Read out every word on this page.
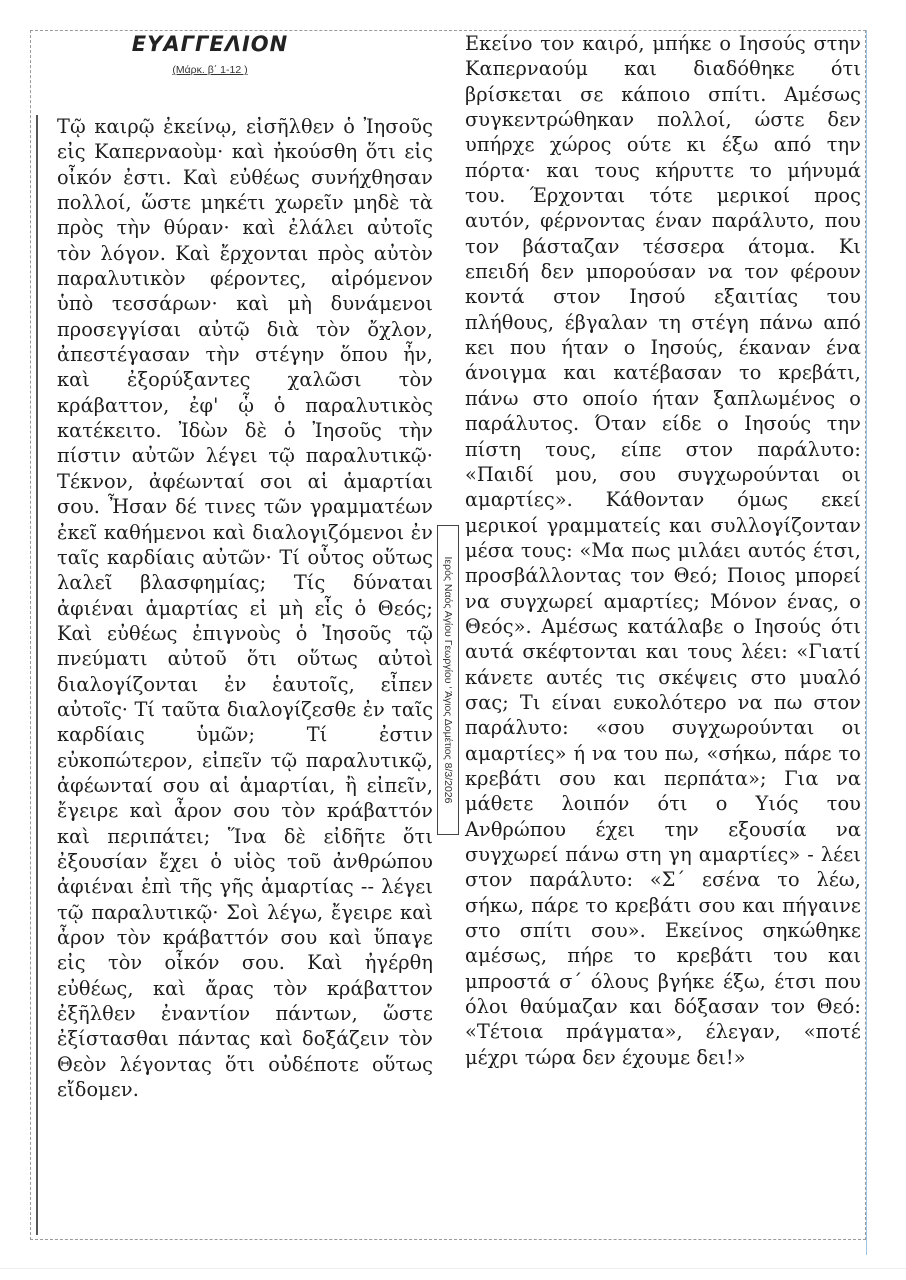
ΕΥΑΓΓΕΛΙΟΝ
(Μάρκ. β΄ 1-12 )
Τῷ καιρῷ ἐκείνῳ, εἰσῆλθεν ὁ Ἰησοῦς
εἰς Καπερναοὺμ· καὶ ἠκούσθη ὅτι εἰς
οἶκόν ἐστι. Καὶ εὐθέως συνήχθησαν
πολλοί, ὥστε μηκέτι χωρεῖν μηδὲ τὰ
πρὸς τὴν θύραν· καὶ ἐλάλει αὐτοῖς
τὸν λόγον. Καὶ ἔρχονται πρὸς αὐτὸν
παραλυτικὸν φέροντες, αἰρόμενον
ὑπὸ τεσσάρων· καὶ μὴ δυνάμενοι
προσεγγίσαι αὐτῷ διὰ τὸν ὄχλον,
ἀπεστέγασαν τὴν στέγην ὅπου ἦν,
καὶ ἐξορύξαντες χαλῶσι τὸν
κράβαττον, ἐφ' ᾧ ὁ παραλυτικὸς
κατέκειτο. Ἰδὼν δὲ ὁ Ἰησοῦς τὴν
πίστιν αὐτῶν λέγει τῷ παραλυτικῷ·
Τέκνον, ἀφέωνταί σοι αἱ ἁμαρτίαι
σου. Ἦσαν δέ τινες τῶν γραμματέων
ἐκεῖ καθήμενοι καὶ διαλογιζόμενοι ἐν
ταῖς καρδίαις αὐτῶν· Τί οὗτος οὕτως
λαλεῖ βλασφημίας; Τίς δύναται
ἀφιέναι ἁμαρτίας εἰ μὴ εἷς ὁ Θεός;
Καὶ εὐθέως ἐπιγνοὺς ὁ Ἰησοῦς τῷ
πνεύματι αὐτοῦ ὅτι οὕτως αὐτοὶ
διαλογίζονται ἐν ἑαυτοῖς, εἶπεν
αὐτοῖς· Τί ταῦτα διαλογίζεσθε ἐν ταῖς
καρδίαις ὑμῶν; Τί ἐστιν
εὐκοπώτερον, εἰπεῖν τῷ παραλυτικῷ,
ἀφέωνταί σου αἱ ἁμαρτίαι, ἢ εἰπεῖν,
ἔγειρε καὶ ἆρον σου τὸν κράβαττόν
καὶ περιπάτει; Ἵνα δὲ εἰδῆτε ὅτι
ἐξουσίαν ἔχει ὁ υἱὸς τοῦ ἀνθρώπου
ἀφιέναι ἐπὶ τῆς γῆς ἁμαρτίας -- λέγει
τῷ παραλυτικῷ· Σοὶ λέγω, ἔγειρε καὶ
ἆρον τὸν κράβαττόν σου καὶ ὕπαγε
εἰς τὸν οἶκόν σου. Καὶ ἠγέρθη
εὐθέως, καὶ ἄρας τὸν κράβαττον
ἐξῆλθεν ἐναντίον πάντων, ὥστε
ἐξίστασθαι πάντας καὶ δοξάζειν τὸν
Θεὸν λέγοντας ὅτι οὐδέποτε οὕτως
εἴδομεν.
Ιερός Ναός Αγίου Γεωργίου ‘ Άγιος Δομέτιος 8/3/2026
Εκείνο τον καιρό, μπήκε ο Ιησούς στην
Καπερναούμ και διαδόθηκε ότι
βρίσκεται σε κάποιο σπίτι. Αμέσως
συγκεντρώθηκαν πολλοί, ώστε δεν
υπήρχε χώρος ούτε κι έξω από την
πόρτα· και τους κήρυττε το μήνυμά
του. Έρχονται τότε μερικοί προς
αυτόν, φέρνοντας έναν παράλυτο, που
τον βάσταζαν τέσσερα άτομα. Κι
επειδή δεν μπορούσαν να τον φέρουν
κοντά στον Ιησού εξαιτίας του
πλήθους, έβγαλαν τη στέγη πάνω από
κει που ήταν ο Ιησούς, έκαναν ένα
άνοιγμα και κατέβασαν το κρεβάτι,
πάνω στο οποίο ήταν ξαπλωμένος ο
παράλυτος. Όταν είδε ο Ιησούς την
πίστη τους, είπε στον παράλυτο:
«Παιδί μου, σου συγχωρούνται οι
αμαρτίες». Κάθονταν όμως εκεί
μερικοί γραμματείς και συλλογίζονταν
μέσα τους: «Μα πως μιλάει αυτός έτσι,
προσβάλλοντας τον Θεό; Ποιος μπορεί
να συγχωρεί αμαρτίες; Μόνον ένας, ο
Θεός». Αμέσως κατάλαβε ο Ιησούς ότι
αυτά σκέφτονται και τους λέει: «Γιατί
κάνετε αυτές τις σκέψεις στο μυαλό
σας; Τι είναι ευκολότερο να πω στον
παράλυτο: «σου συγχωρούνται οι
αμαρτίες» ή να του πω, «σήκω, πάρε το
κρεβάτι σου και περπάτα»; Για να
μάθετε λοιπόν ότι ο Υιός του
Ανθρώπου έχει την εξουσία να
συγχωρεί πάνω στη γη αμαρτίες» - λέει
στον παράλυτο: «Σ΄ εσένα το λέω,
σήκω, πάρε το κρεβάτι σου και πήγαινε
στο σπίτι σου». Εκείνος σηκώθηκε
αμέσως, πήρε το κρεβάτι του και
μπροστά σ΄ όλους βγήκε έξω, έτσι που
όλοι θαύμαζαν και δόξασαν τον Θεό:
«Τέτοια πράγματα», έλεγαν, «ποτέ
μέχρι τώρα δεν έχουμε δει!»
